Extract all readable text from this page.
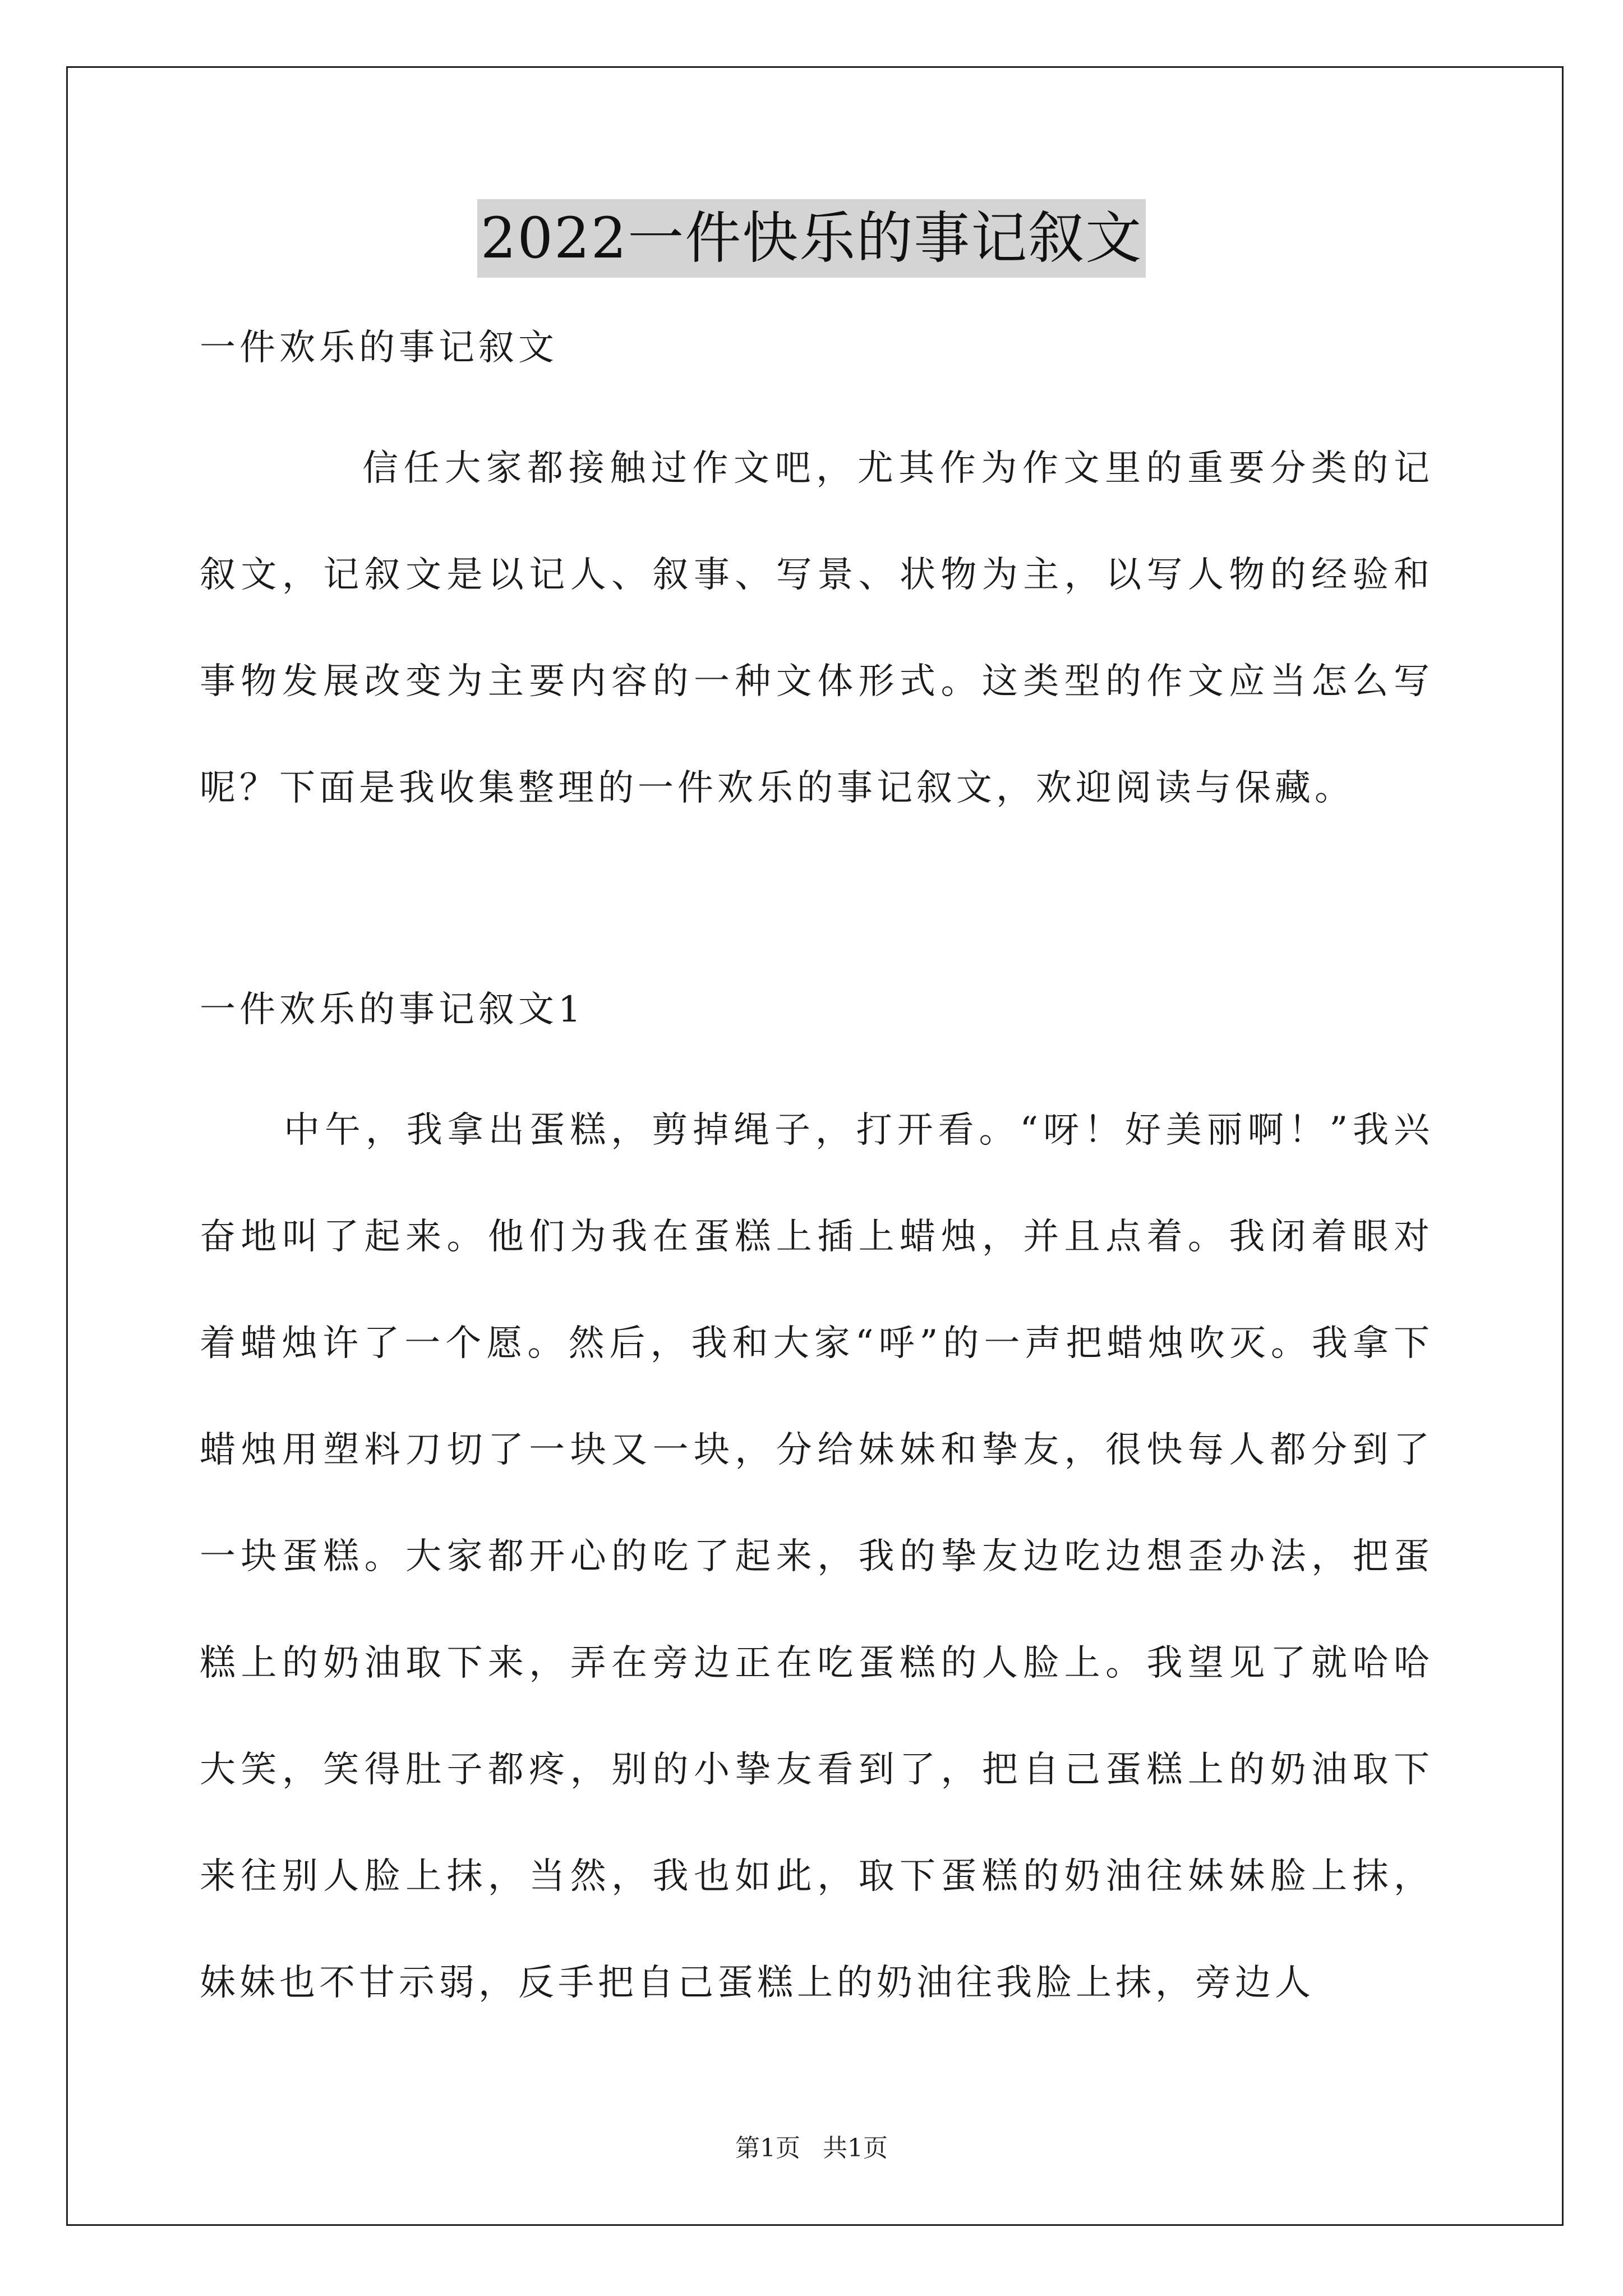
2022一件快乐的事记叙文

一件欢乐的事记叙文

信任大家都接触过作文吧，尤其作为作文里的重要分类的记叙文，记叙文是以记人、叙事、写景、状物为主，以写人物的经验和事物发展改变为主要内容的一种文体形式。这类型的作文应当怎么写呢？下面是我收集整理的一件欢乐的事记叙文，欢迎阅读与保藏。

一件欢乐的事记叙文1

中午，我拿出蛋糕，剪掉绳子，打开看。“呀！好美丽啊！”我兴奋地叫了起来。他们为我在蛋糕上插上蜡烛，并且点着。我闭着眼对着蜡烛许了一个愿。然后，我和大家“呼”的一声把蜡烛吹灭。我拿下蜡烛用塑料刀切了一块又一块，分给妹妹和挚友，很快每人都分到了一块蛋糕。大家都开心的吃了起来，我的挚友边吃边想歪办法，把蛋糕上的奶油取下来，弄在旁边正在吃蛋糕的人脸上。我望见了就哈哈大笑，笑得肚子都疼，别的小挚友看到了，把自己蛋糕上的奶油取下来往别人脸上抹，当然，我也如此，取下蛋糕的奶油往妹妹脸上抹，妹妹也不甘示弱，反手把自己蛋糕上的奶油往我脸上抹，旁边人

第1页 共1页
